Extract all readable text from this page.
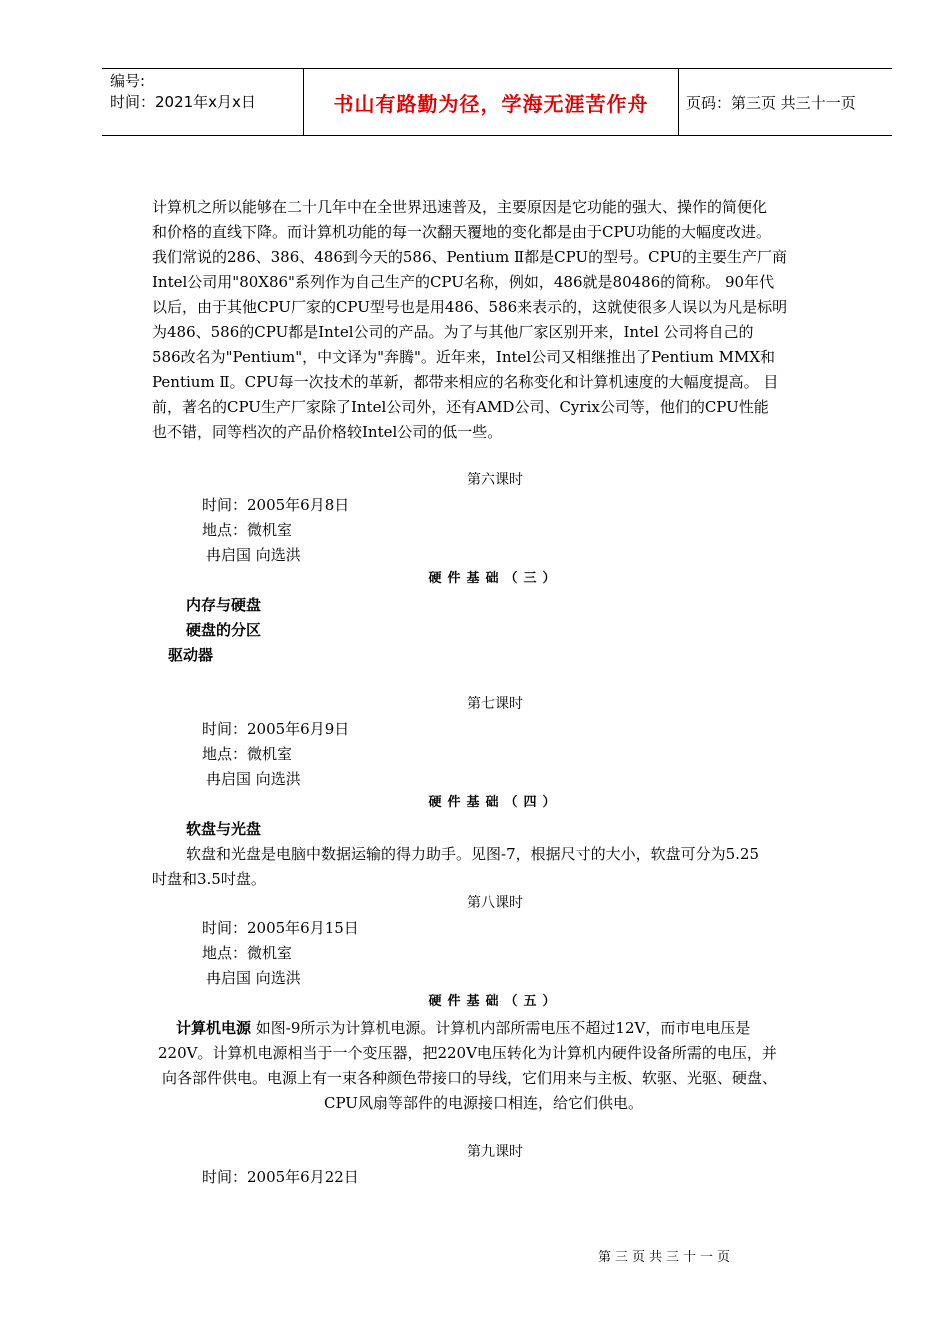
编号:
时间：2021年x月x日	书山有路勤为径，学海无涯苦作舟	页码：第三页 共三十一页
计算机之所以能够在二十几年中在全世界迅速普及，主要原因是它功能的强大、操作的简便化
和价格的直线下降。而计算机功能的每一次翻天覆地的变化都是由于CPU功能的大幅度改进。
我们常说的286、386、486到今天的586、Pentium Ⅱ都是CPU的型号。CPU的主要生产厂商
Intel公司用"80X86"系列作为自己生产的CPU名称，例如，486就是80486的简称。 90年代
以后，由于其他CPU厂家的CPU型号也是用486、586来表示的，这就使很多人误以为凡是标明
为486、586的CPU都是Intel公司的产品。为了与其他厂家区别开来，Intel 公司将自己的
586改名为"Pentium"，中文译为"奔腾"。近年来，Intel公司又相继推出了Pentium MMX和
Pentium Ⅱ。CPU每一次技术的革新，都带来相应的名称变化和计算机速度的大幅度提高。 目
前，著名的CPU生产厂家除了Intel公司外，还有AMD公司、Cyrix公司等，他们的CPU性能
也不错，同等档次的产品价格较Intel公司的低一些。
第六课时
时间：2005年6月8日
地点：微机室
冉启国 向选洪
硬件基础（三）
内存与硬盘
硬盘的分区
驱动器
第七课时
时间：2005年6月9日
地点：微机室
冉启国 向选洪
硬件基础（四）
软盘与光盘
软盘和光盘是电脑中数据运输的得力助手。见图-7，根据尺寸的大小，软盘可分为5.25
吋盘和3.5吋盘。
第八课时
时间：2005年6月15日
地点：微机室
冉启国 向选洪
硬件基础（五）
计算机电源 如图-9所示为计算机电源。计算机内部所需电压不超过12V，而市电电压是
220V。计算机电源相当于一个变压器，把220V电压转化为计算机内硬件设备所需的电压，并
向各部件供电。电源上有一束各种颜色带接口的导线，它们用来与主板、软驱、光驱、硬盘、
CPU风扇等部件的电源接口相连，给它们供电。
第九课时
时间：2005年6月22日
第三页共三十一页
